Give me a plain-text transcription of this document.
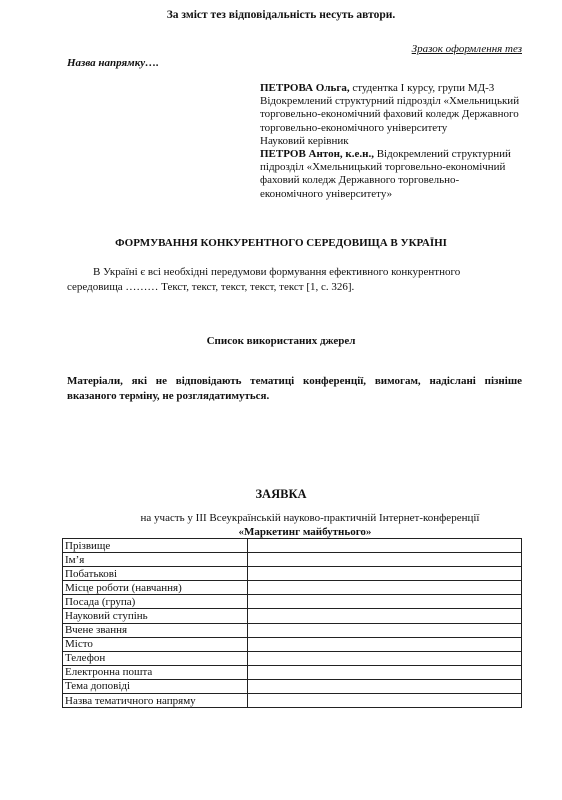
За зміст тез відповідальність несуть автори.
Зразок оформлення тез
Назва напрямку….

ПЕТРОВА Ольга, студентка І курсу, групи МД-3

Відокремлений структурний підрозділ «Хмельницький торговельно-економічний фаховий коледж Державного торговельно-економічного університету

Науковий керівник

ПЕТРОВ Антон, к.е.н., Відокремлений структурний підрозділ «Хмельницький торговельно-економічний фаховий коледж Державного торговельно-економічного університету»

ФОРМУВАННЯ КОНКУРЕНТНОГО СЕРЕДОВИЩА В УКРАЇНІ
В Україні є всі необхідні передумови формування ефективного конкурентного середовища ……… Текст, текст, текст, текст, текст [1, с. 326].
Список використаних джерел
Матеріали, які не відповідають тематиці конференції, вимогам, надіслані пізніше вказаного терміну, не розглядатимуться.
ЗАЯВКА
на участь у ІІІ Всеукраїнській науково-практичній Інтернет-конференції
«Маркетинг майбутнього»
Прізвище	
Ім’я	
Побатькові	
Місце роботи (навчання)	
Посада (група)	
Науковий ступінь	
Вчене звання	
Місто	
Телефон	
Електронна пошта	
Тема доповіді	
Назва тематичного напряму	
